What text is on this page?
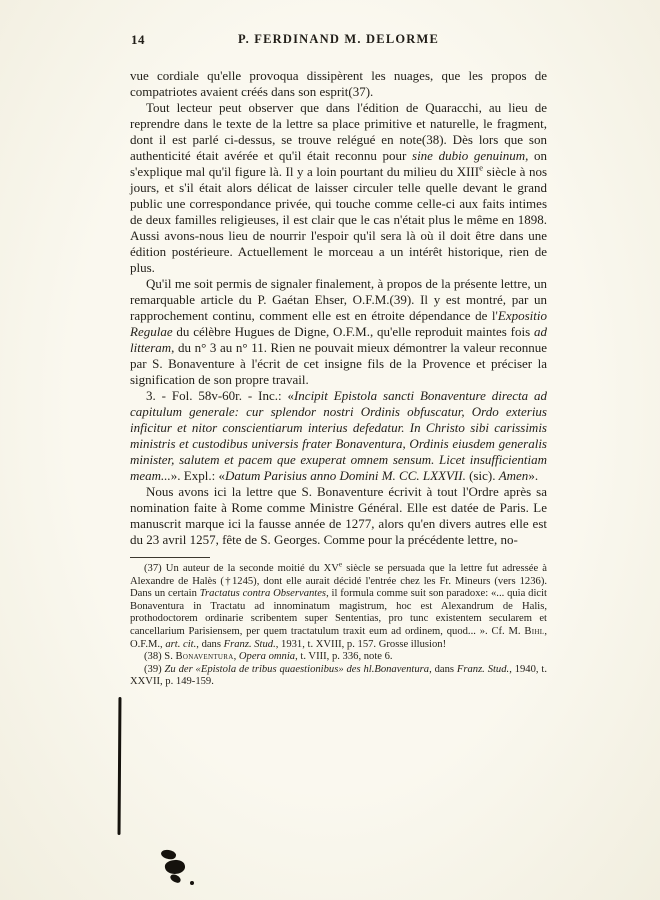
14	P. FERDINAND M. DELORME

vue cordiale qu'elle provoqua dissipèrent les nuages, que les propos de compatriotes avaient créés dans son esprit(37).

Tout lecteur peut observer que dans l'édition de Quaracchi, au lieu de reprendre dans le texte de la lettre sa place primitive et naturelle, le fragment, dont il est parlé ci-dessus, se trouve relégué en note(38). Dès lors que son authenticité était avérée et qu'il était reconnu pour sine dubio genuinum, on s'explique mal qu'il figure là. Il y a loin pourtant du milieu du XIIIe siècle à nos jours, et s'il était alors délicat de laisser circuler telle quelle devant le grand public une correspondance privée, qui touche comme celle-ci aux faits intimes de deux familles religieuses, il est clair que le cas n'était plus le même en 1898. Aussi avons-nous lieu de nourrir l'espoir qu'il sera là où il doit être dans une édition postérieure. Actuellement le morceau a un intérêt historique, rien de plus.

Qu'il me soit permis de signaler finalement, à propos de la présente lettre, un remarquable article du P. Gaétan Ehser, O.F.M.(39). Il y est montré, par un rapprochement continu, comment elle est en étroite dépendance de l'Expositio Regulae du célèbre Hugues de Digne, O.F.M., qu'elle reproduit maintes fois ad litteram, du n° 3 au n° 11. Rien ne pouvait mieux démontrer la valeur reconnue par S. Bonaventure à l'écrit de cet insigne fils de la Provence et préciser la signification de son propre travail.

3. - Fol. 58v-60r. - Inc.: «Incipit Epistola sancti Bonaventure directa ad capitulum generale: cur splendor nostri Ordinis obfuscatur, Ordo exterius inficitur et nitor conscientiarum interius defedatur. In Christo sibi carissimis ministris et custodibus universis frater Bonaventura, Ordinis eiusdem generalis minister, salutem et pacem que exuperat omnem sensum. Licet insufficientiam meam...». Expl.: «Datum Parisius anno Domini M. CC. LXXVII. (sic). Amen».

Nous avons ici la lettre que S. Bonaventure écrivit à tout l'Ordre après sa nomination faite à Rome comme Ministre Général. Elle est datée de Paris. Le manuscrit marque ici la fausse année de 1277, alors qu'en divers autres elle est du 23 avril 1257, fête de S. Georges. Comme pour la précédente lettre, no-

(37) Un auteur de la seconde moitié du XVe siècle se persuada que la lettre fut adressée à Alexandre de Halès (†1245), dont elle aurait décidé l'entrée chez les Fr. Mineurs (vers 1236). Dans un certain Tractatus contra Observantes, il formula comme suit son paradoxe: «... quia dicit Bonaventura in Tractatu ad innominatum magistrum, hoc est Alexandrum de Halis, prothodoctorem ordinarie scribentem super Sententias, pro tunc existentem secularem et cancellarium Parisiensem, per quem tractatulum traxit eum ad ordinem, quod... ». Cf. M. Bihl, O.F.M., art. cit., dans Franz. Stud., 1931, t. XVIII, p. 157. Grosse illusion!

(38) S. Bonaventura, Opera omnia, t. VIII, p. 336, note 6.

(39) Zu der «Epistola de tribus quaestionibus» des hl.Bonaventura, dans Franz. Stud., 1940, t. XXVII, p. 149-159.
